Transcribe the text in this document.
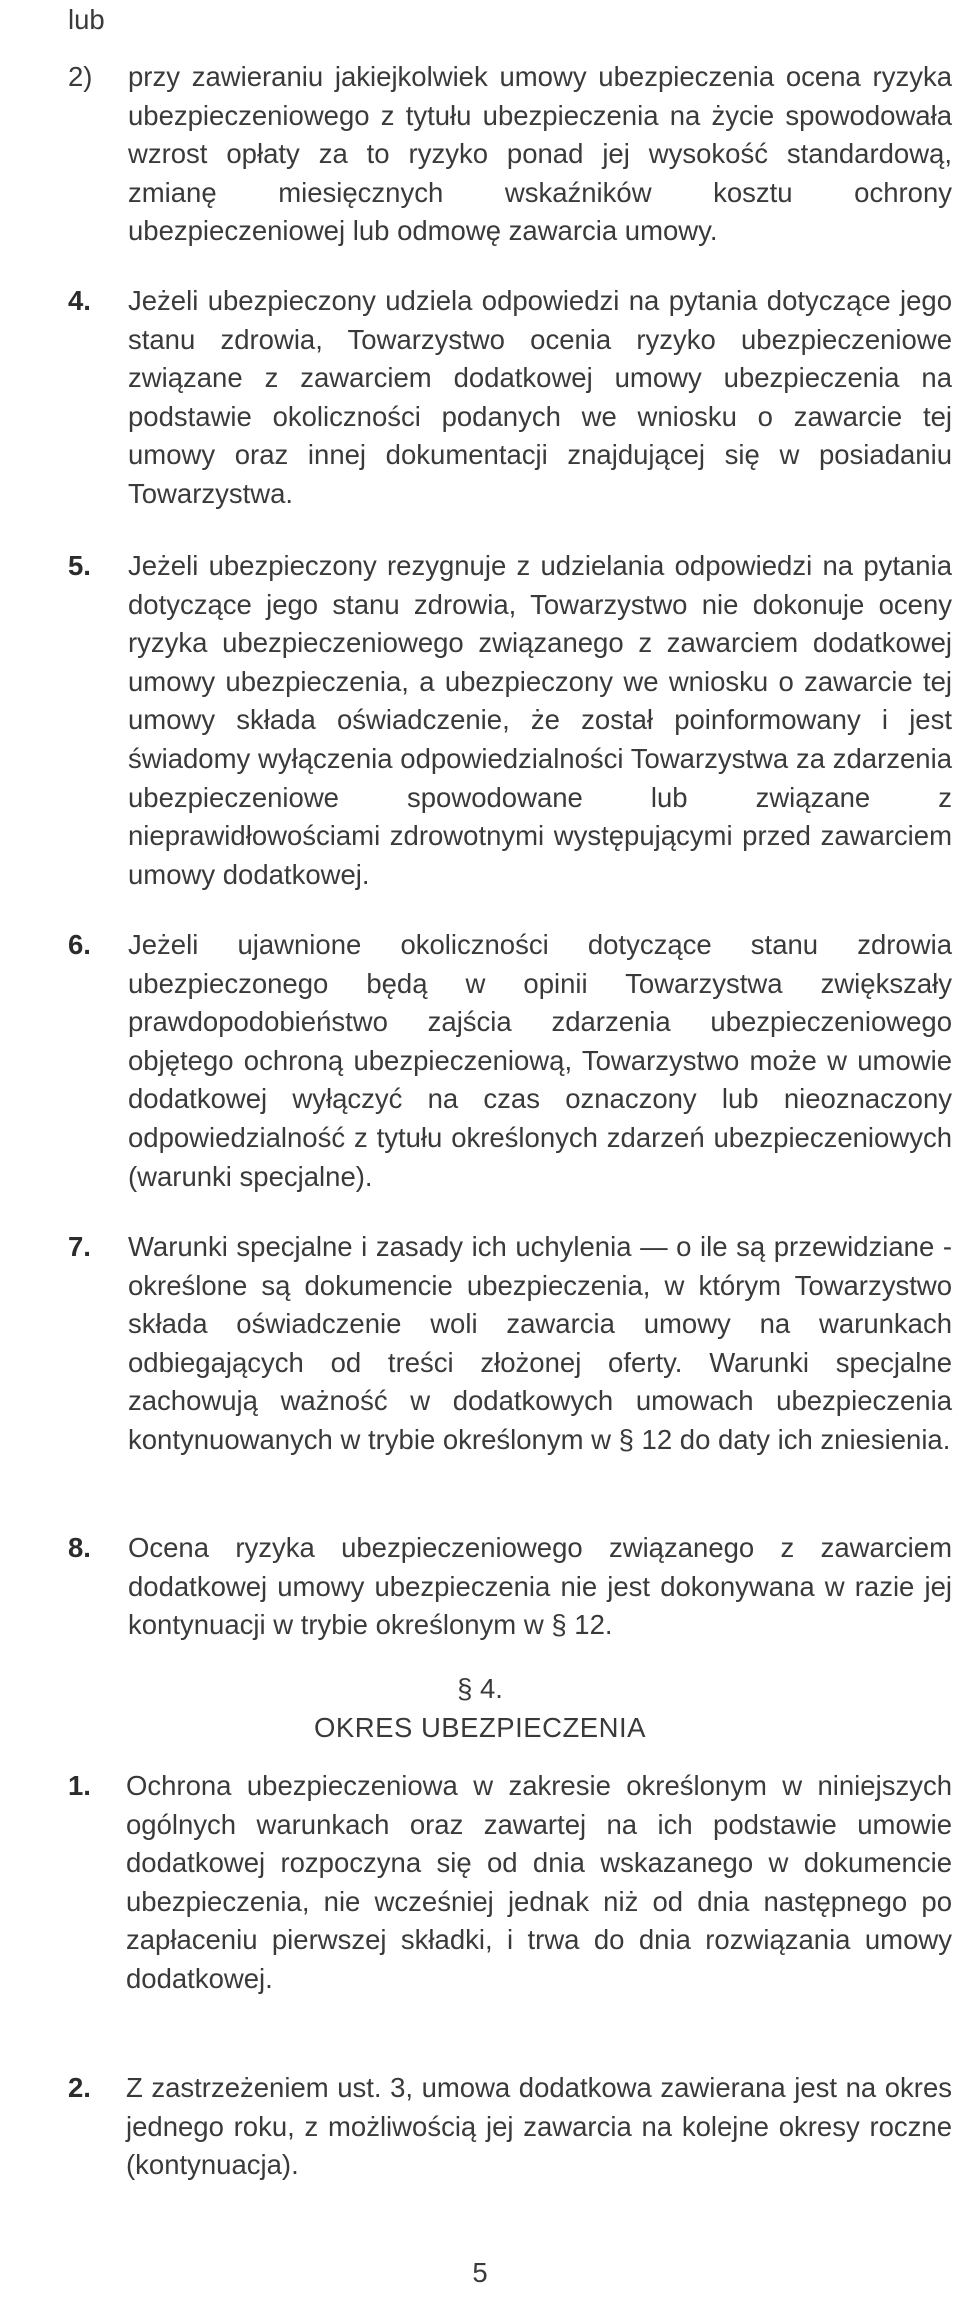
lub

2)	przy zawieraniu jakiejkolwiek umowy ubezpieczenia ocena ryzyka ubezpieczeniowego z tytułu ubezpieczenia na życie spowodowała wzrost opłaty za to ryzyko ponad jej wysokość standardową, zmianę miesięcznych wskaźników kosztu ochrony ubezpieczeniowej lub odmowę zawarcia umowy.
4.	Jeżeli ubezpieczony udziela odpowiedzi na pytania dotyczące jego stanu zdrowia, Towarzystwo ocenia ryzyko ubezpieczeniowe związane z zawarciem dodatkowej umowy ubezpieczenia na podstawie okoliczności podanych we wniosku o zawarcie tej umowy oraz innej dokumentacji znajdującej się w posiadaniu Towarzystwa.
5.	Jeżeli ubezpieczony rezygnuje z udzielania odpowiedzi na pytania dotyczące jego stanu zdrowia, Towarzystwo nie dokonuje oceny ryzyka ubezpieczeniowego związanego z zawarciem dodatkowej umowy ubezpieczenia, a ubezpieczony we wniosku o zawarcie tej umowy składa oświadczenie, że został poinformowany i jest świadomy wyłączenia odpowiedzialności Towarzystwa za zdarzenia ubezpieczeniowe spowodowane lub związane z nieprawidłowościami zdrowotnymi występującymi przed zawarciem umowy dodatkowej.
6.	Jeżeli ujawnione okoliczności dotyczące stanu zdrowia ubezpieczonego będą w opinii Towarzystwa zwiększały prawdopodobieństwo zajścia zdarzenia ubezpieczeniowego objętego ochroną ubezpieczeniową, Towarzystwo może w umowie dodatkowej wyłączyć na czas oznaczony lub nieoznaczony odpowiedzialność z tytułu określonych zdarzeń ubezpieczeniowych (warunki specjalne).
7.	Warunki specjalne i zasady ich uchylenia — o ile są przewidziane - określone są dokumencie ubezpieczenia, w którym Towarzystwo składa oświadczenie woli zawarcia umowy na warunkach odbiegających od treści złożonej oferty. Warunki specjalne zachowują ważność w dodatkowych umowach ubezpieczenia kontynuowanych w trybie określonym w § 12 do daty ich zniesienia.
8.	Ocena ryzyka ubezpieczeniowego związanego z zawarciem dodatkowej umowy ubezpieczenia nie jest dokonywana w razie jej kontynuacji w trybie określonym w § 12.
§ 4.
OKRES UBEZPIECZENIA
1.	Ochrona ubezpieczeniowa w zakresie określonym w niniejszych ogólnych warunkach oraz zawartej na ich podstawie umowie dodatkowej rozpoczyna się od dnia wskazanego w dokumencie ubezpieczenia, nie wcześniej jednak niż od dnia następnego po zapłaceniu pierwszej składki, i trwa do dnia rozwiązania umowy dodatkowej.
2.	Z zastrzeżeniem ust. 3, umowa dodatkowa zawierana jest na okres jednego roku, z możliwością jej zawarcia na kolejne okresy roczne (kontynuacja).
5
